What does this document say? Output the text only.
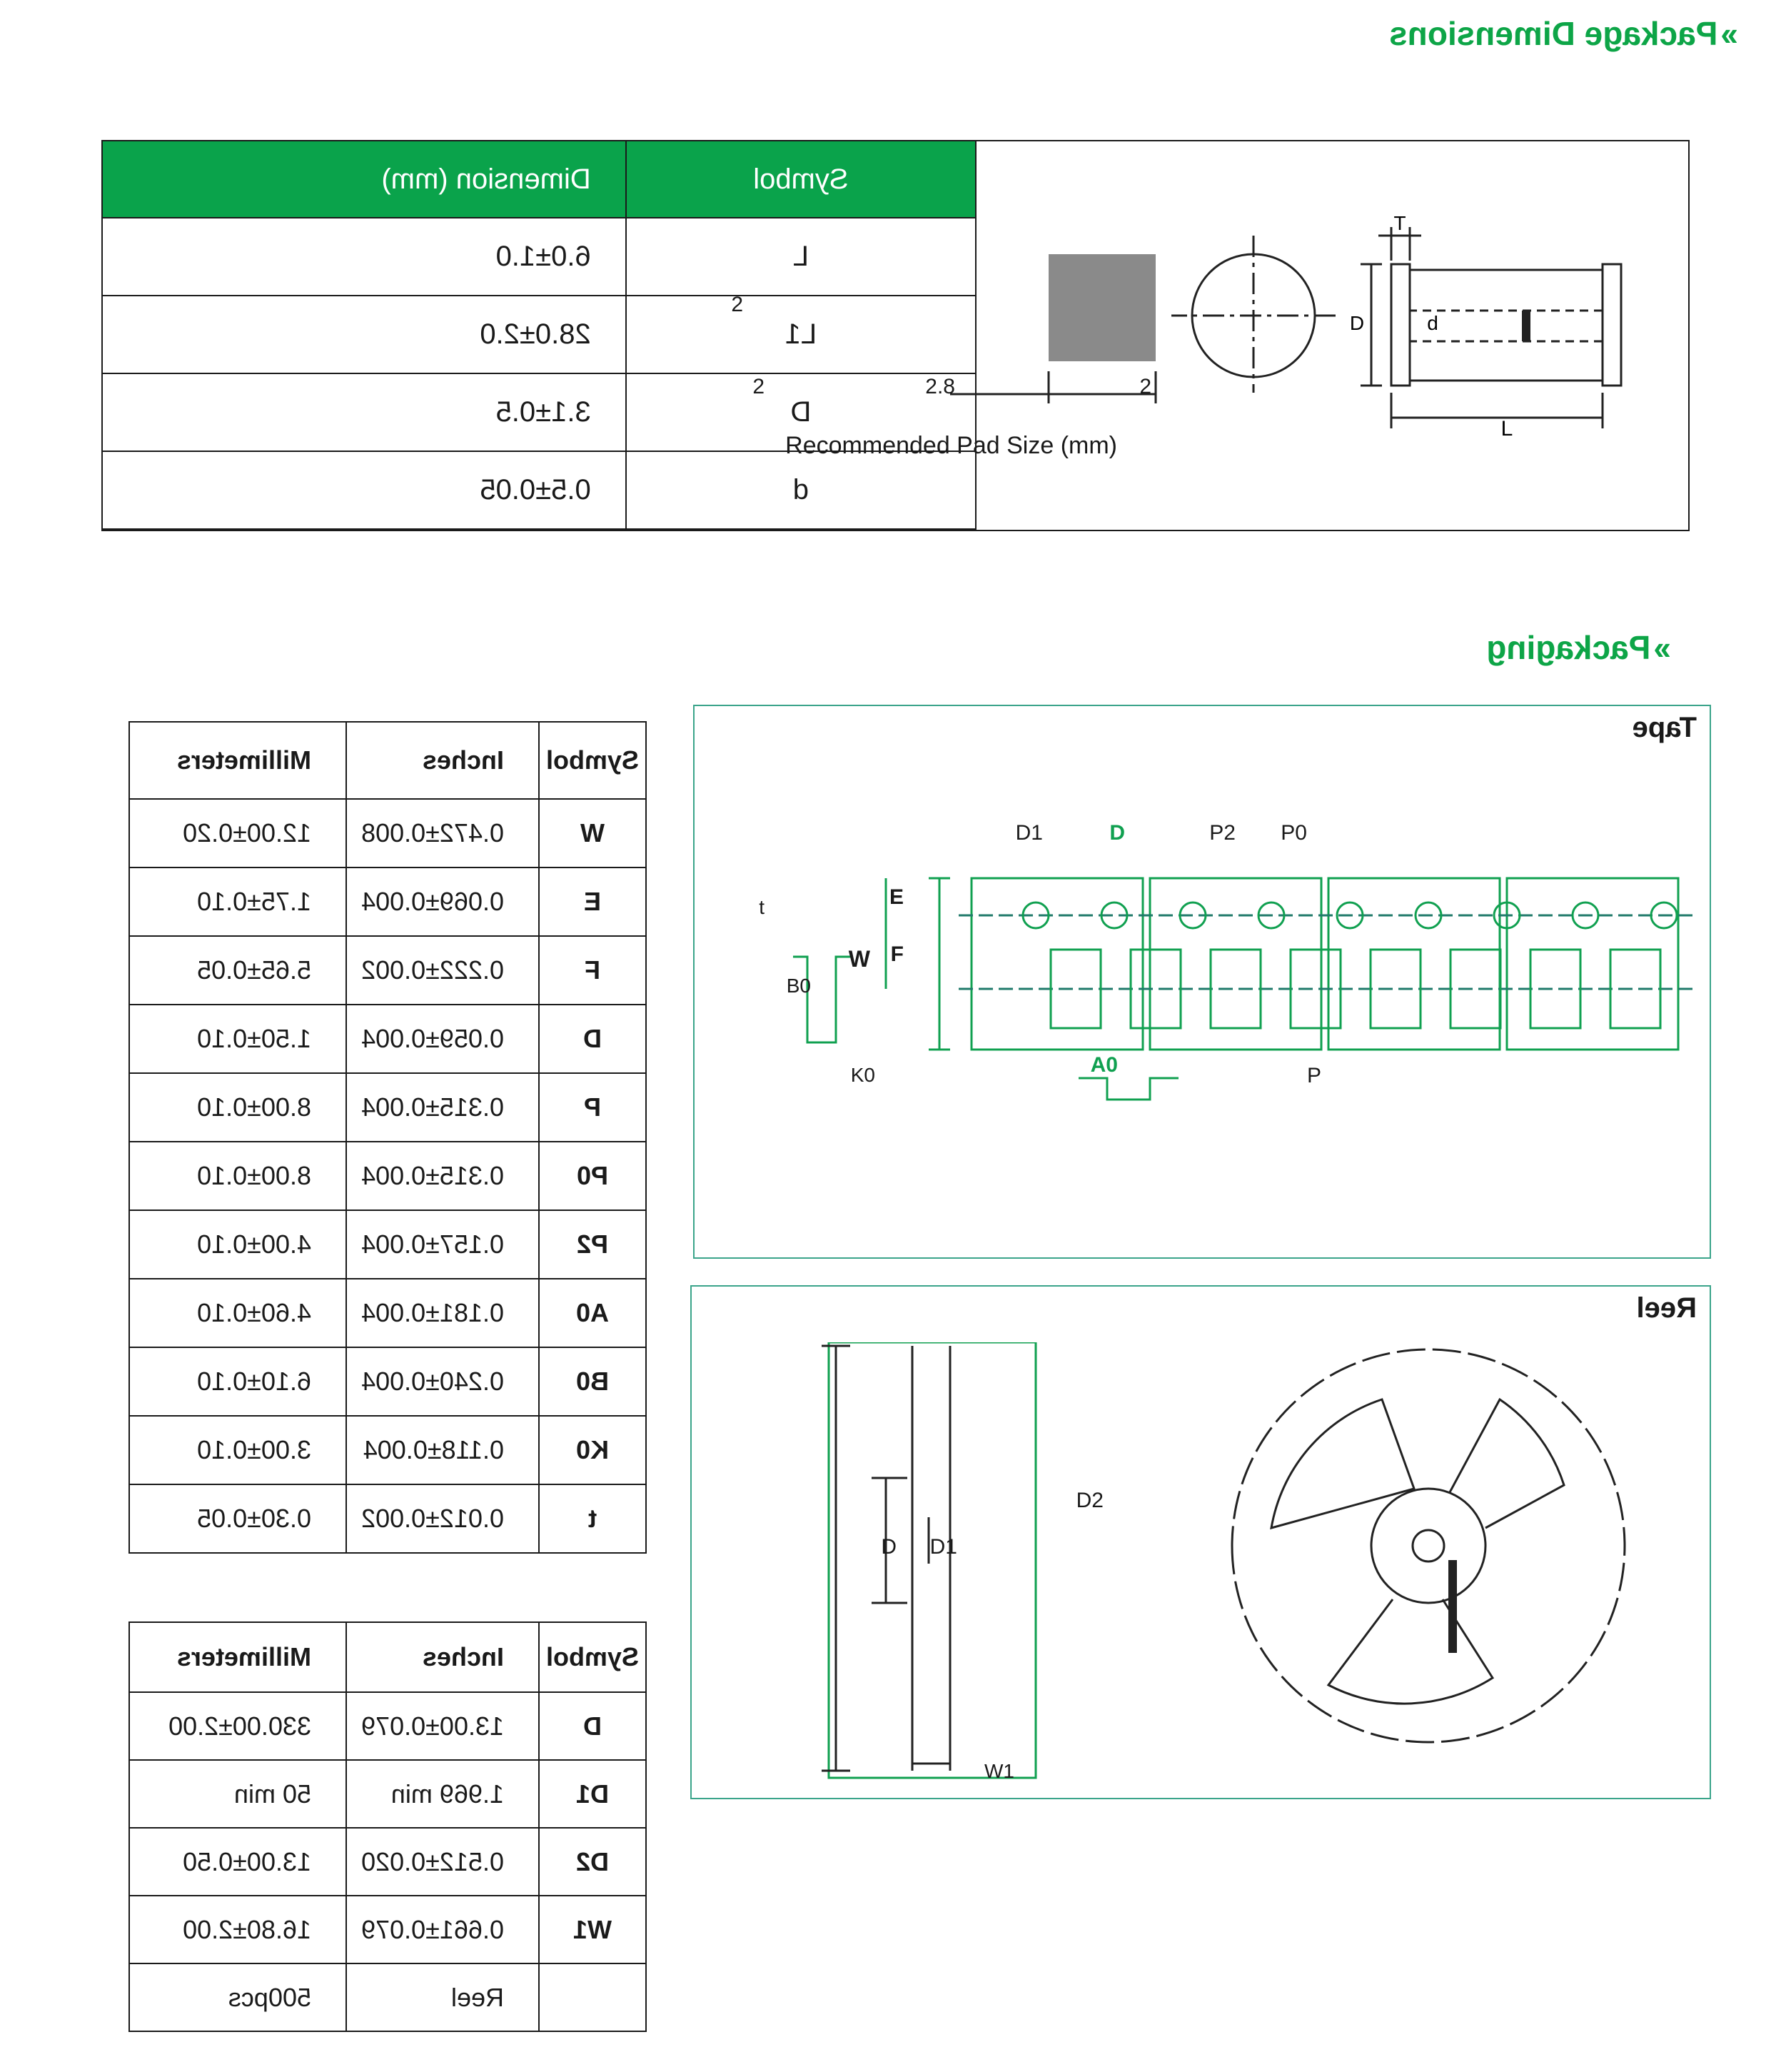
››Package Dimensions
Symbol	Dimension (mm)
L	6.0±1.0
L1	28.0±2.0
D	3.1±0.5
d	0.5±0.05
L
T
D	d
2
2.8
2
2
Recommended Pad Size (mm)
››Packaging
Symbol	Inches	Millimeters
W	0.472±0.008	12.00±0.20
E	0.069±0.004	1.75±0.10
F	0.222±0.002	5.65±0.05
D	0.059±0.004	1.50±0.10
P	0.315±0.004	8.00±0.10
P0	0.315±0.004	8.00±0.10
P2	0.157±0.004	4.00±0.10
A0	0.181±0.004	4.60±0.10
B0	0.240±0.004	6.10±0.10
K0	0.118±0.004	3.00±0.10
t	0.012±0.002	0.30±0.05
Symbol	Inches	Millimeters
D	13.00±0.079	330.00±2.00
D1	1.969 min	50 min
D2	0.512±0.020	13.00±0.50
W1	0.661±0.079	16.80±2.00
	Reel	500pcs
Tape
D1	D	P2 P0
E
F
W
B0
K0	A0	P
t
Reel
D D1
D2
W1
